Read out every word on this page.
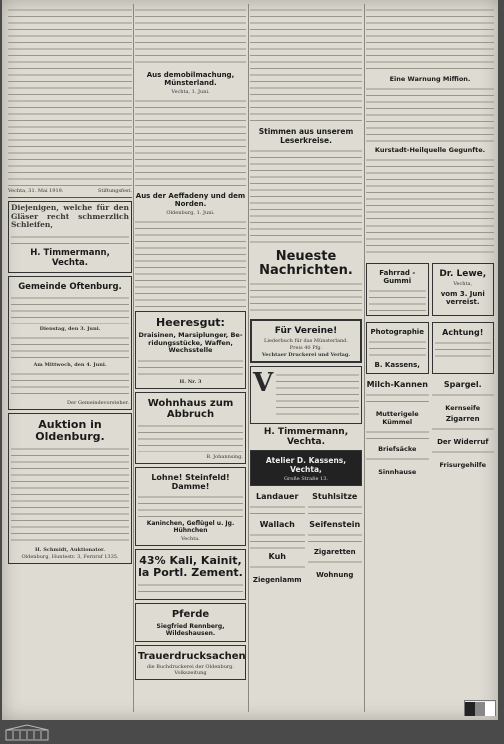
Vechta, 31. Mai 1919.	Stiftungsfest.
Diejenigen, welche für den Gläser recht schmerzlich Schleifen,
H. Timmermann, Vechta.
Gemeinde Oftenburg.
Dienstag, den 3. Juni.
Am Mittwoch, den 4. Juni.
Der Gemeindevorsteher.
Auktion in Oldenburg.
H. Schmidt, Auktionator.
Oldenburg, Huntestr. 3, Fernruf 1335.
Aus demobilmachung, Münsterland.
Vechta, 1. Juni.
Aus der Aeffadeny und dem Norden.
Oldenburg, 1. Juni.
Heeresgut:
Draisinen, Marsiplunger, Be- ridungsstücke, Waffen, Wechsstelle
H. Nr. 3
Wohnhaus zum Abbruch
B. Johannsing.
Lohne! Steinfeld! Damme!
Kaninchen, Geflügel u. Jg. Hühnchen
Vechta.
43% Kali, Kainit, la Portl. Zement.
Pferde
Siegfried Rennberg, Wildeshausen.
Trauerdrucksachen
die Buchdruckerei der Oldenburg. Volkszeitung
Stimmen aus unserem Leserkreise.
Neueste Nachrichten.
Für Vereine!
Liederbuch für das Münsterland.
Preis 40 Pfg.
Vechtaer Druckerei und Verlag.
V
H. Timmermann, Vechta.
Atelier D. Kassens, Vechta,
Große Straße 13.
Landauer
Wallach
Kuh
Ziegenlamm
Stuhlsitze
Seifenstein
Zigaretten
Wohnung
Eine Warnung Miffion.
Kurstadt-Heilquelle Gegunfte.
Fahrrad - Gummi
Dr. Lewe,
Vechta,
vom 3. Juni verreist.
Photographie
B. Kassens,
Achtung!
Milch-Kannen
Mutterigele Kümmel
Briefsäcke
Sinnhause
Spargel.
Kernseife
Zigarren
Der Widerruf
Frisurgehilfe
